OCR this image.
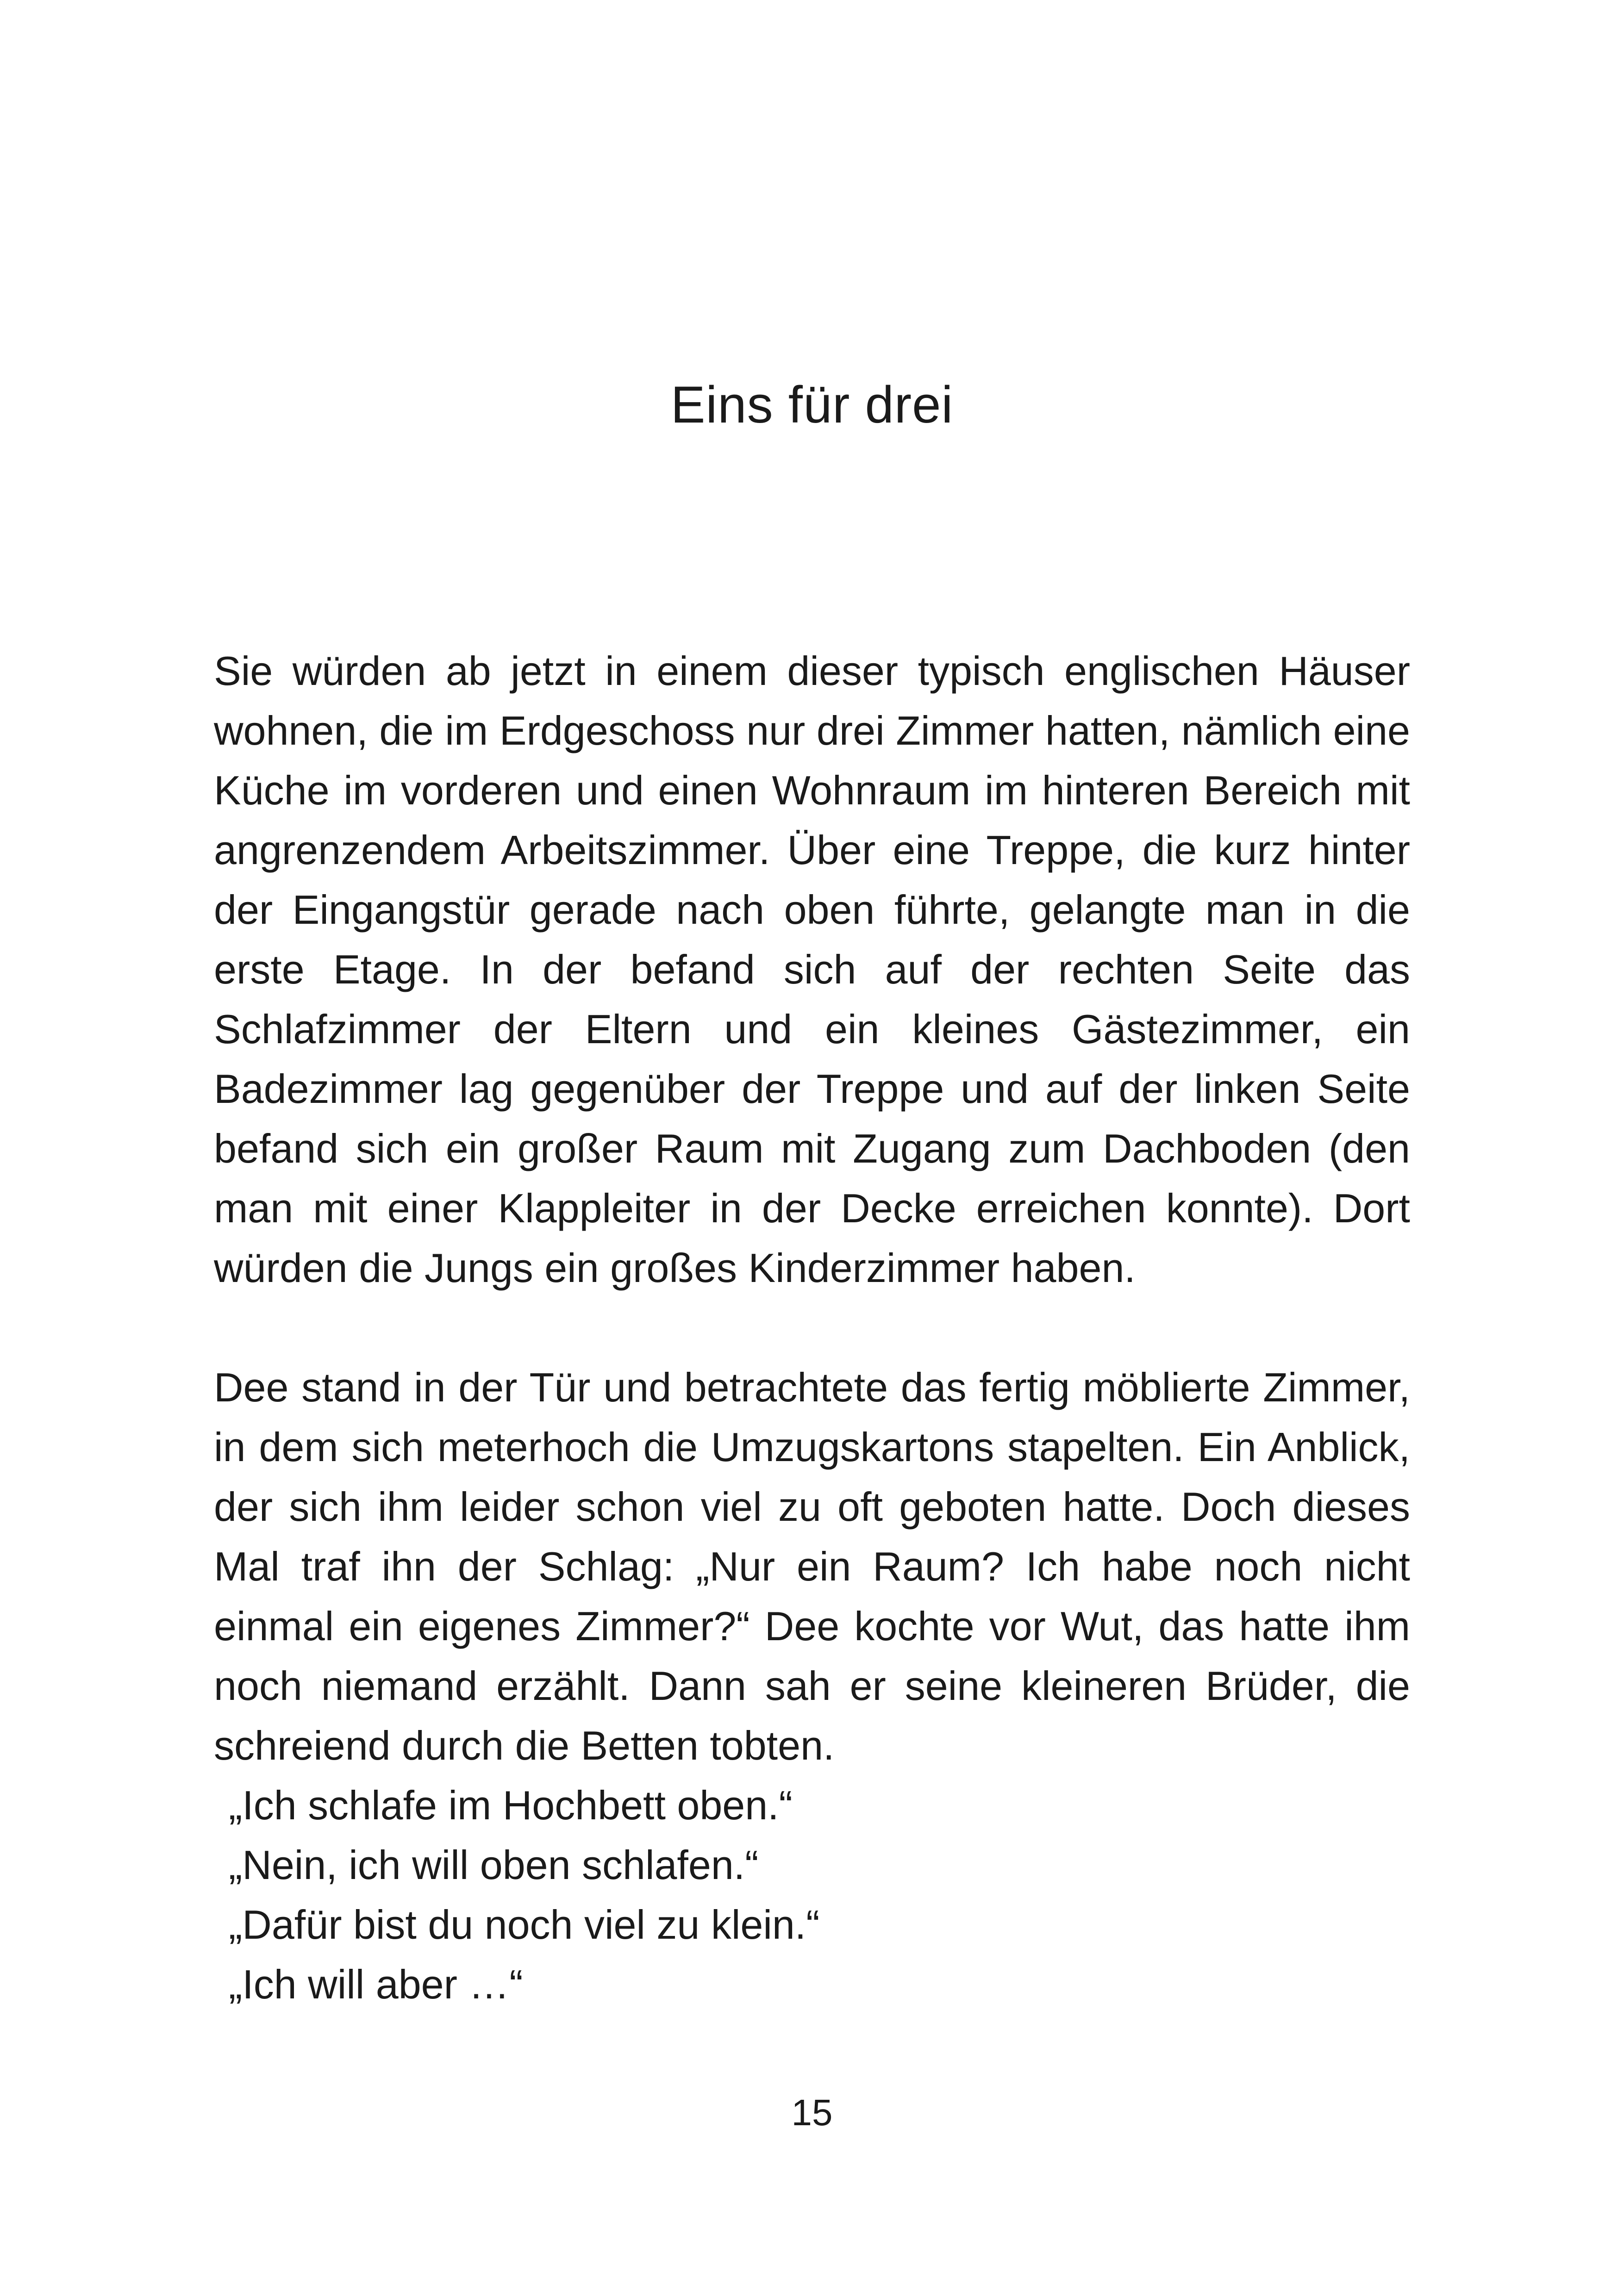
Eins für drei

Sie würden ab jetzt in einem dieser typisch englischen Häuser wohnen, die im Erdgeschoss nur drei Zimmer hatten, nämlich eine Küche im vorderen und einen Wohnraum im hinteren Bereich mit angrenzendem Arbeitszimmer. Über eine Treppe, die kurz hinter der Eingangstür gerade nach oben führte, gelangte man in die erste Etage. In der befand sich auf der rechten Seite das Schlafzimmer der Eltern und ein kleines Gästezimmer, ein Badezimmer lag gegenüber der Treppe und auf der linken Seite befand sich ein großer Raum mit Zugang zum Dachboden (den man mit einer Klappleiter in der Decke erreichen konnte). Dort würden die Jungs ein großes Kinderzimmer haben.

Dee stand in der Tür und betrachtete das fertig möblierte Zimmer, in dem sich meterhoch die Umzugskartons stapelten. Ein Anblick, der sich ihm leider schon viel zu oft geboten hatte. Doch dieses Mal traf ihn der Schlag: „Nur ein Raum? Ich habe noch nicht einmal ein eigenes Zimmer?“ Dee kochte vor Wut, das hatte ihm noch niemand erzählt. Dann sah er seine kleineren Brüder, die schreiend durch die Betten tobten.

„Ich schlafe im Hochbett oben.“

„Nein, ich will oben schlafen.“

„Dafür bist du noch viel zu klein.“

„Ich will aber …“

15
